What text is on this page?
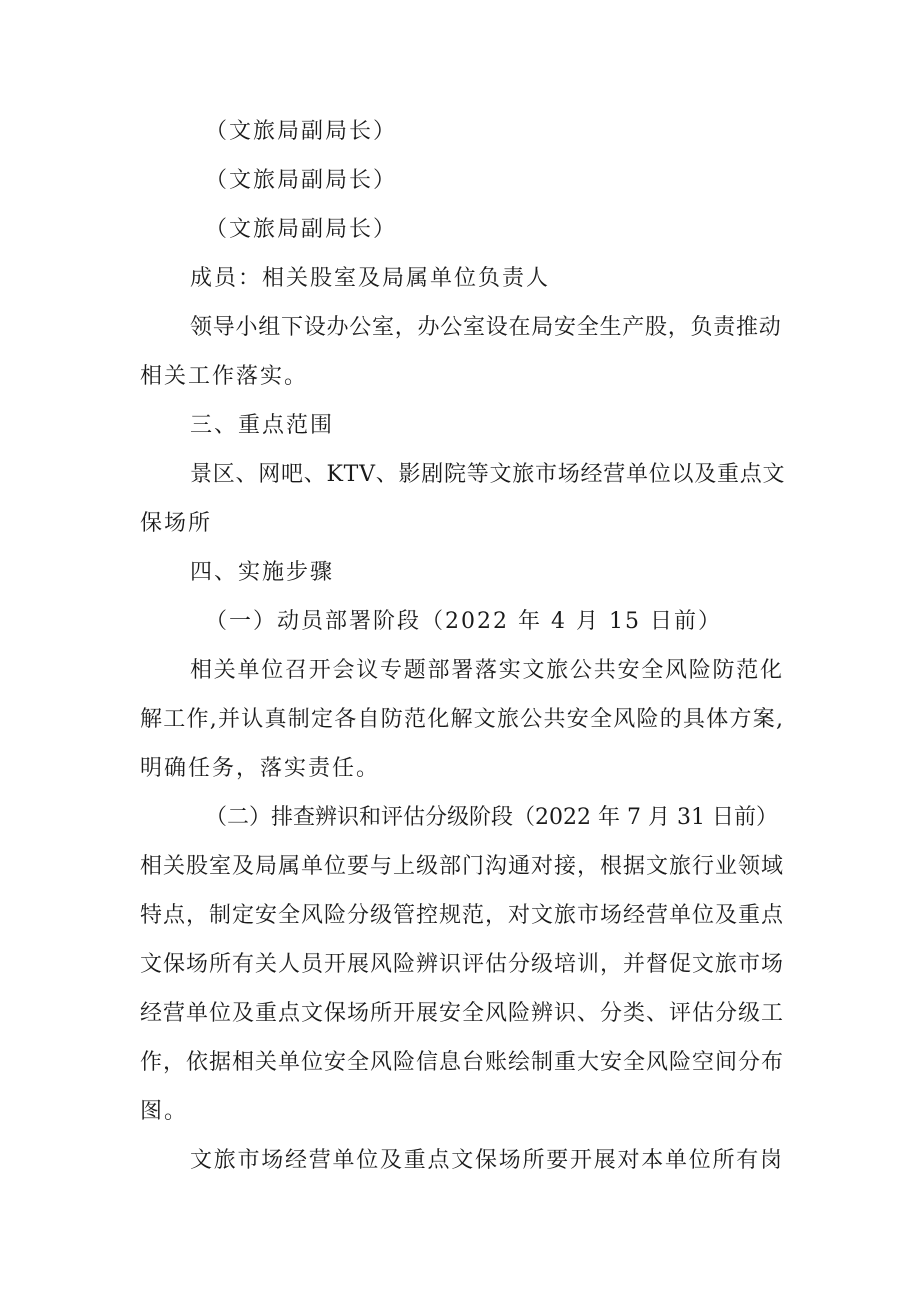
（文旅局副局长）
（文旅局副局长）
（文旅局副局长）
成员：相关股室及局属单位负责人
领导小组下设办公室，办公室设在局安全生产股，负责推动
相关工作落实。
三、重点范围
景区、网吧、KTV、影剧院等文旅市场经营单位以及重点文
保场所
四、实施步骤
（一）动员部署阶段（2022 年 4 月 15 日前）
相关单位召开会议专题部署落实文旅公共安全风险防范化
解工作,并认真制定各自防范化解文旅公共安全风险的具体方案,
明确任务，落实责任。
（二）排查辨识和评估分级阶段（2022 年 7 月 31 日前）
相关股室及局属单位要与上级部门沟通对接，根据文旅行业领域
特点，制定安全风险分级管控规范，对文旅市场经营单位及重点
文保场所有关人员开展风险辨识评估分级培训，并督促文旅市场
经营单位及重点文保场所开展安全风险辨识、分类、评估分级工
作，依据相关单位安全风险信息台账绘制重大安全风险空间分布
图。
文旅市场经营单位及重点文保场所要开展对本单位所有岗
